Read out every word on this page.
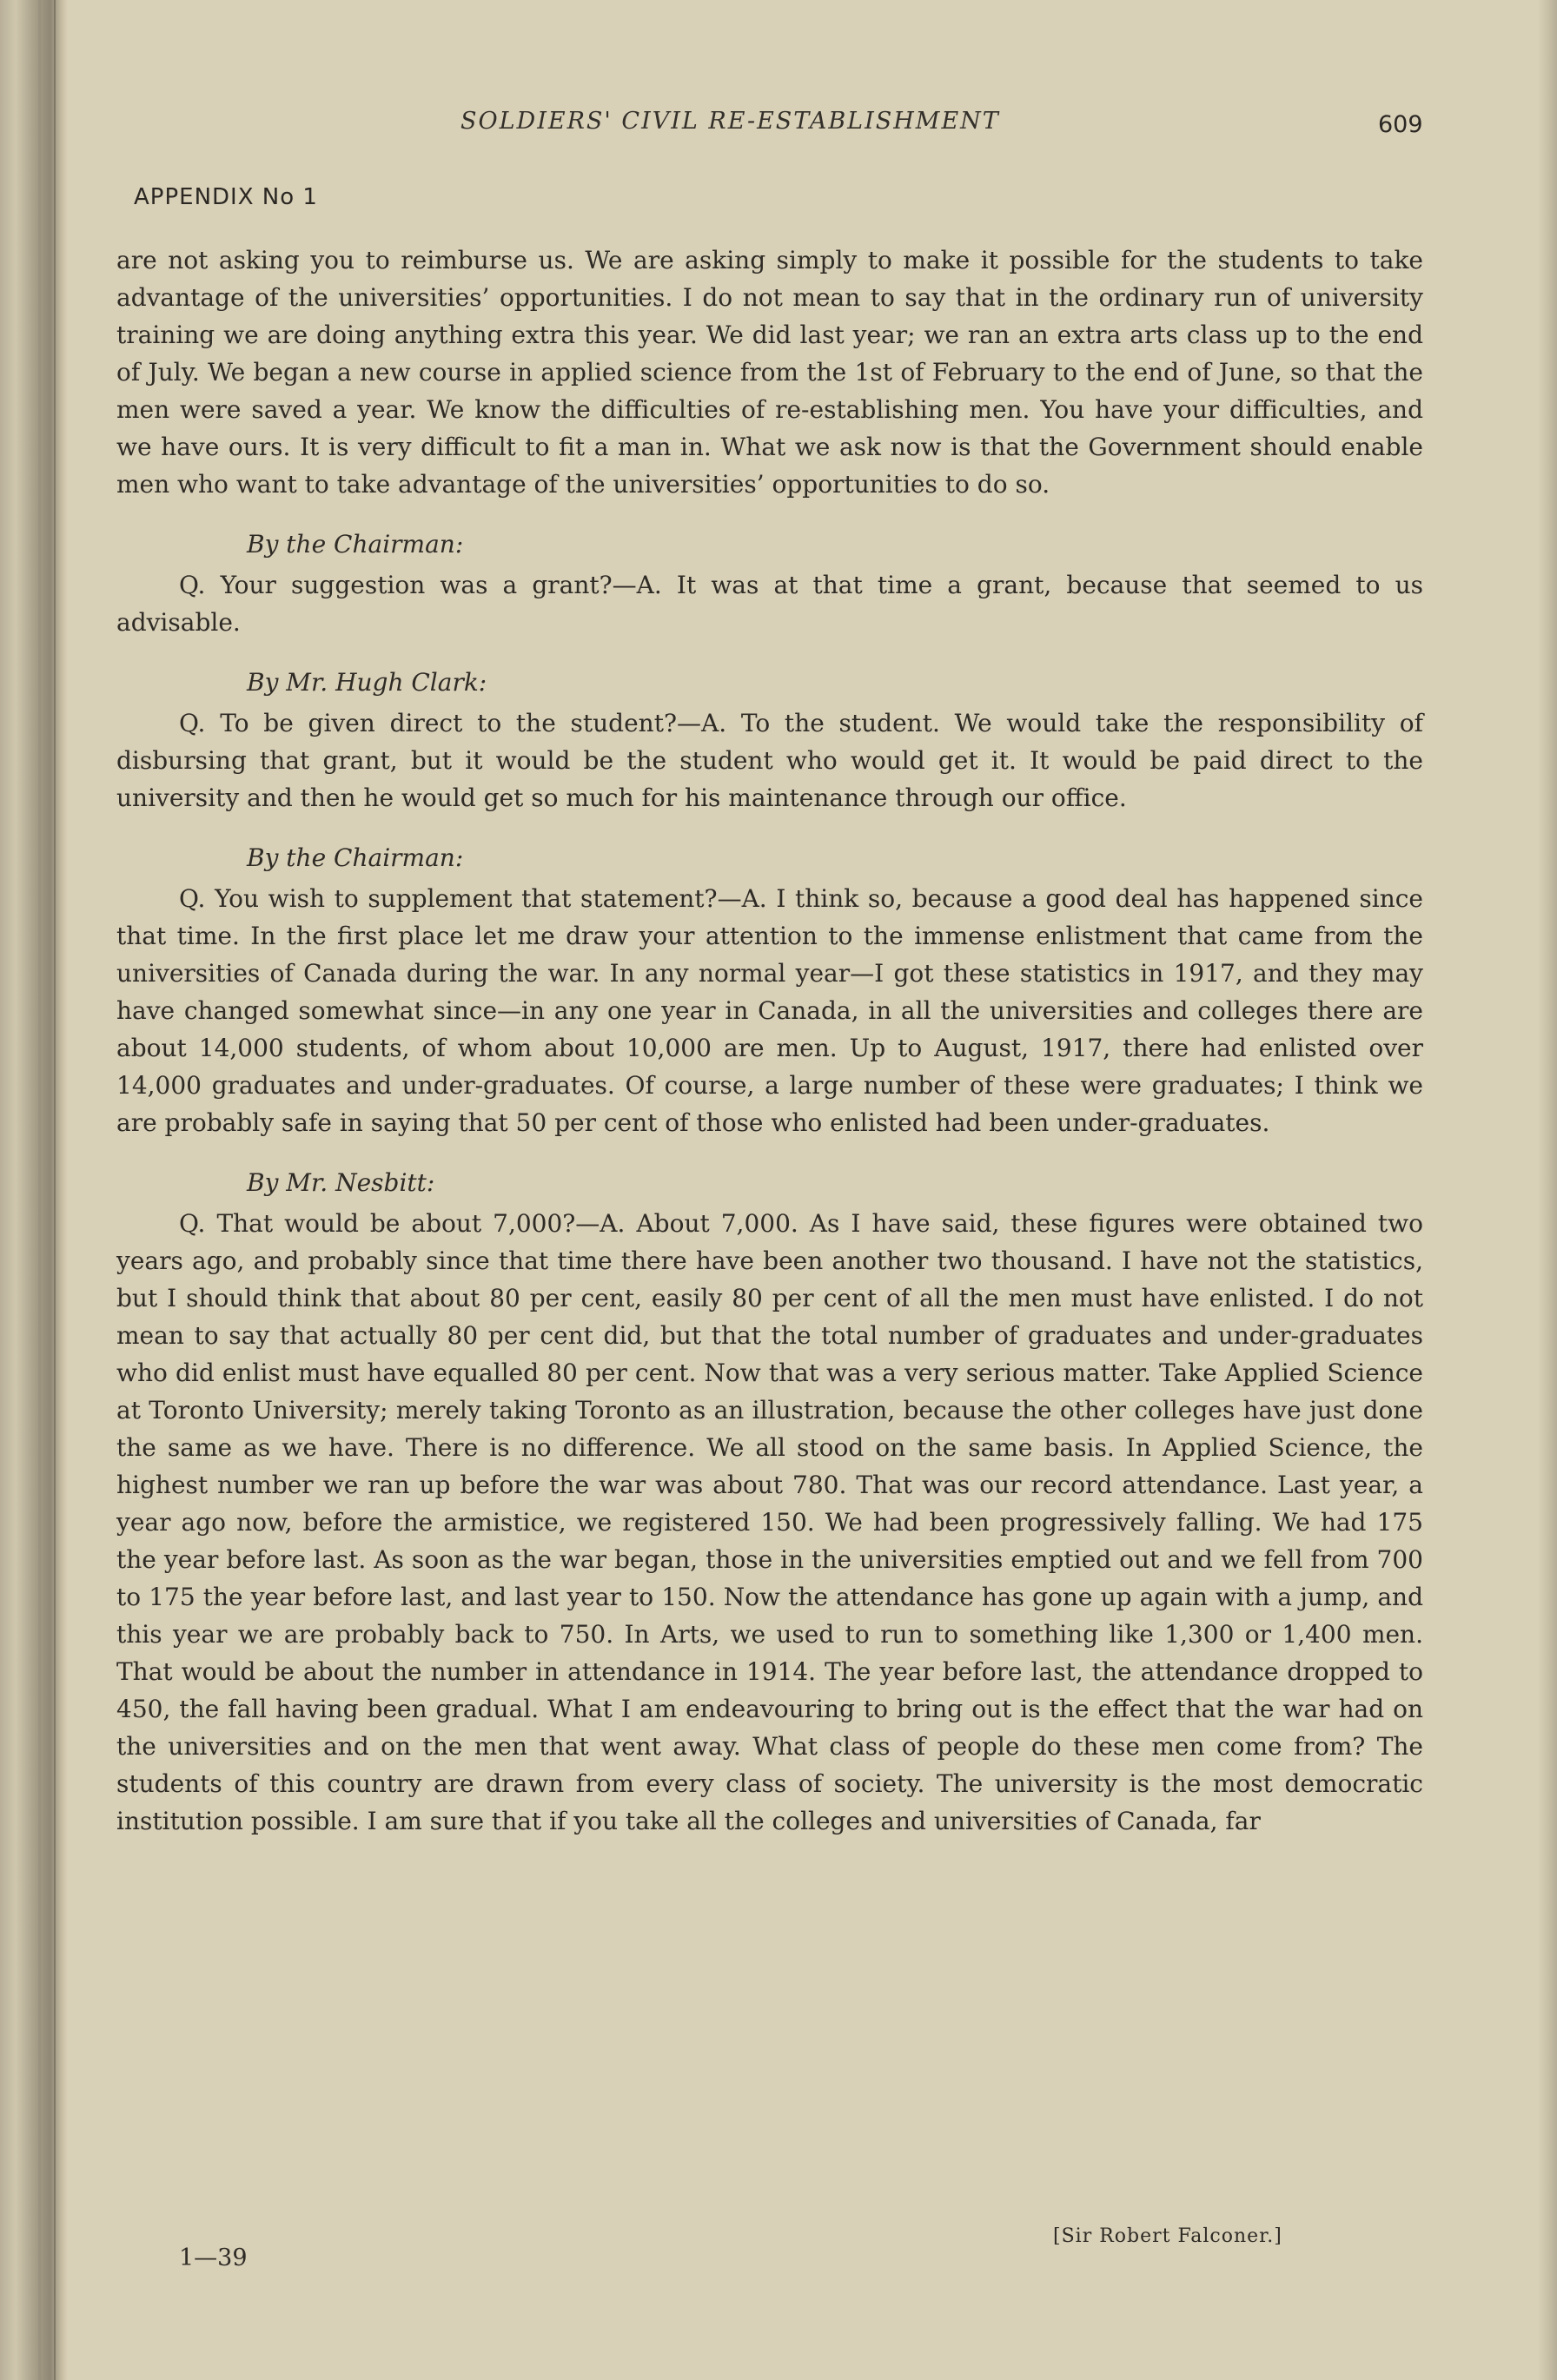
SOLDIERS' CIVIL RE-ESTABLISHMENT	609
APPENDIX No 1

are not asking you to reimburse us. We are asking simply to make it possible for the students to take advantage of the universities’ opportunities. I do not mean to say that in the ordinary run of university training we are doing anything extra this year. We did last year; we ran an extra arts class up to the end of July. We began a new course in applied science from the 1st of February to the end of June, so that the men were saved a year. We know the difficulties of re-establishing men. You have your difficulties, and we have ours. It is very difficult to fit a man in. What we ask now is that the Government should enable men who want to take advantage of the universities’ opportunities to do so.

By the Chairman:

Q. Your suggestion was a grant?—A. It was at that time a grant, because that seemed to us advisable.

By Mr. Hugh Clark:

Q. To be given direct to the student?—A. To the student. We would take the responsibility of disbursing that grant, but it would be the student who would get it. It would be paid direct to the university and then he would get so much for his maintenance through our office.

By the Chairman:

Q. You wish to supplement that statement?—A. I think so, because a good deal has happened since that time. In the first place let me draw your attention to the immense enlistment that came from the universities of Canada during the war. In any normal year—I got these statistics in 1917, and they may have changed somewhat since—in any one year in Canada, in all the universities and colleges there are about 14,000 students, of whom about 10,000 are men. Up to August, 1917, there had enlisted over 14,000 graduates and under-graduates. Of course, a large number of these were graduates; I think we are probably safe in saying that 50 per cent of those who enlisted had been under-graduates.

By Mr. Nesbitt:

Q. That would be about 7,000?—A. About 7,000. As I have said, these figures were obtained two years ago, and probably since that time there have been another two thousand. I have not the statistics, but I should think that about 80 per cent, easily 80 per cent of all the men must have enlisted. I do not mean to say that actually 80 per cent did, but that the total number of graduates and under-graduates who did enlist must have equalled 80 per cent. Now that was a very serious matter. Take Applied Science at Toronto University; merely taking Toronto as an illustration, because the other colleges have just done the same as we have. There is no difference. We all stood on the same basis. In Applied Science, the highest number we ran up before the war was about 780. That was our record attendance. Last year, a year ago now, before the armistice, we registered 150. We had been progressively falling. We had 175 the year before last. As soon as the war began, those in the universities emptied out and we fell from 700 to 175 the year before last, and last year to 150. Now the attendance has gone up again with a jump, and this year we are probably back to 750. In Arts, we used to run to something like 1,300 or 1,400 men. That would be about the number in attendance in 1914. The year before last, the attendance dropped to 450, the fall having been gradual. What I am endeavouring to bring out is the effect that the war had on the universities and on the men that went away. What class of people do these men come from? The students of this country are drawn from every class of society. The university is the most democratic institution possible. I am sure that if you take all the colleges and universities of Canada, far

[Sir Robert Falconer.]
1—39
